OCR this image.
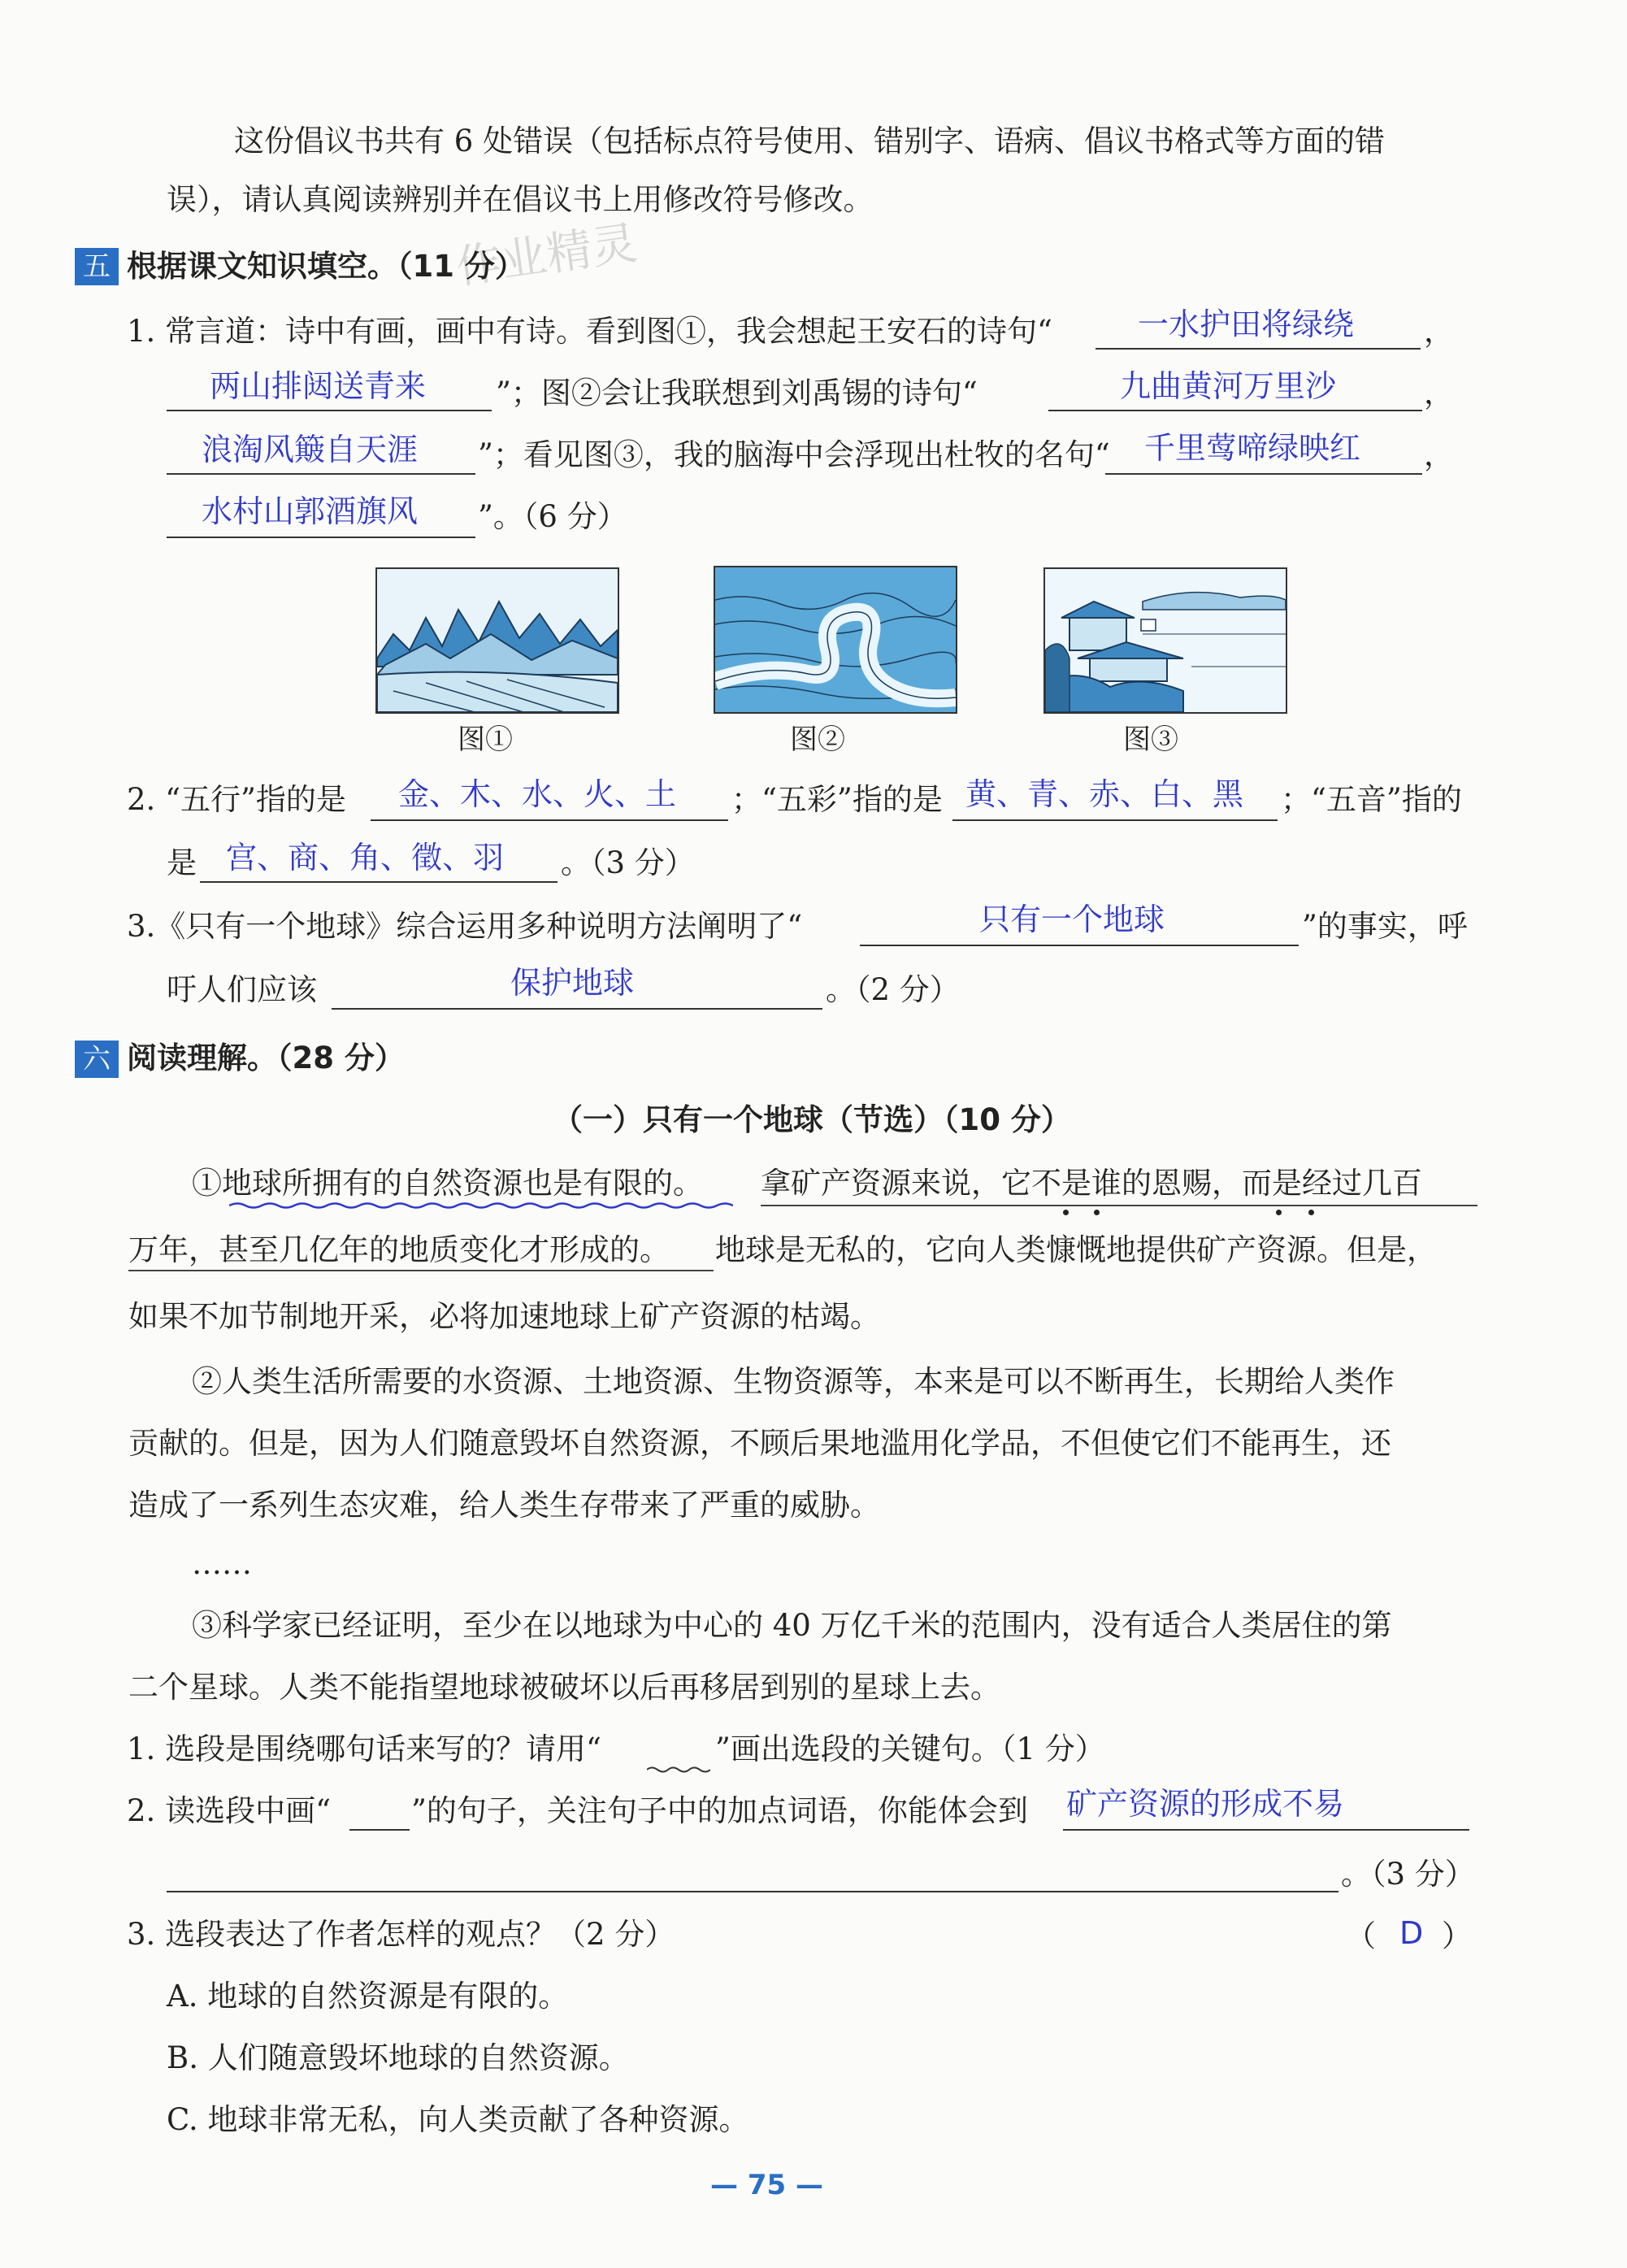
这份倡议书共有 6 处错误（包括标点符号使用、错别字、语病、倡议书格式等方面的错
误），请认真阅读辨别并在倡议书上用修改符号修改。
作业精灵
五 根据课文知识填空。（11 分）
1. 常言道：诗中有画，画中有诗。看到图①，我会想起王安石的诗句“	一水护田将绿绕 ，
两山排闼送青来 ”；图②会让我联想到刘禹锡的诗句“	九曲黄河万里沙	，
浪淘风簸自天涯 ”；看见图③，我的脑海中会浮现出杜牧的名句“ 千里莺啼绿映红 ，
水村山郭酒旗风 ”。（6 分）
图①	图②	图③
2. “五行”指的是 金、木、水、火、土 ；“五彩”指的是 黄、青、赤、白、黑 ；“五音”指的
是 宫、商、角、徵、羽 。（3 分）
3.《只有一个地球》综合运用多种说明方法阐明了“	只有一个地球	”的事实，呼
吁人们应该	保护地球	。（2 分）
六 阅读理解。（28 分）
（一）只有一个地球（节选）（10 分）
①地球所拥有的自然资源也是有限的。 拿矿产资源来说，它不是谁的恩赐，而是经过几百
万年，甚至几亿年的地质变化才形成的。 地球是无私的，它向人类慷慨地提供矿产资源。但是，
如果不加节制地开采，必将加速地球上矿产资源的枯竭。
②人类生活所需要的水资源、土地资源、生物资源等，本来是可以不断再生，长期给人类作
贡献的。但是，因为人们随意毁坏自然资源，不顾后果地滥用化学品，不但使它们不能再生，还
造成了一系列生态灾难，给人类生存带来了严重的威胁。
……
③科学家已经证明，至少在以地球为中心的 40 万亿千米的范围内，没有适合人类居住的第
二个星球。人类不能指望地球被破坏以后再移居到别的星球上去。
1. 选段是围绕哪句话来写的？请用“	”画出选段的关键句。（1 分）
2. 读选段中画“	”的句子，关注句子中的加点词语，你能体会到 矿产资源的形成不易
。（3 分）
3. 选段表达了作者怎样的观点？（2 分）	（ D ）
A. 地球的自然资源是有限的。
B. 人们随意毁坏地球的自然资源。
C. 地球非常无私，向人类贡献了各种资源。
— 75 —
